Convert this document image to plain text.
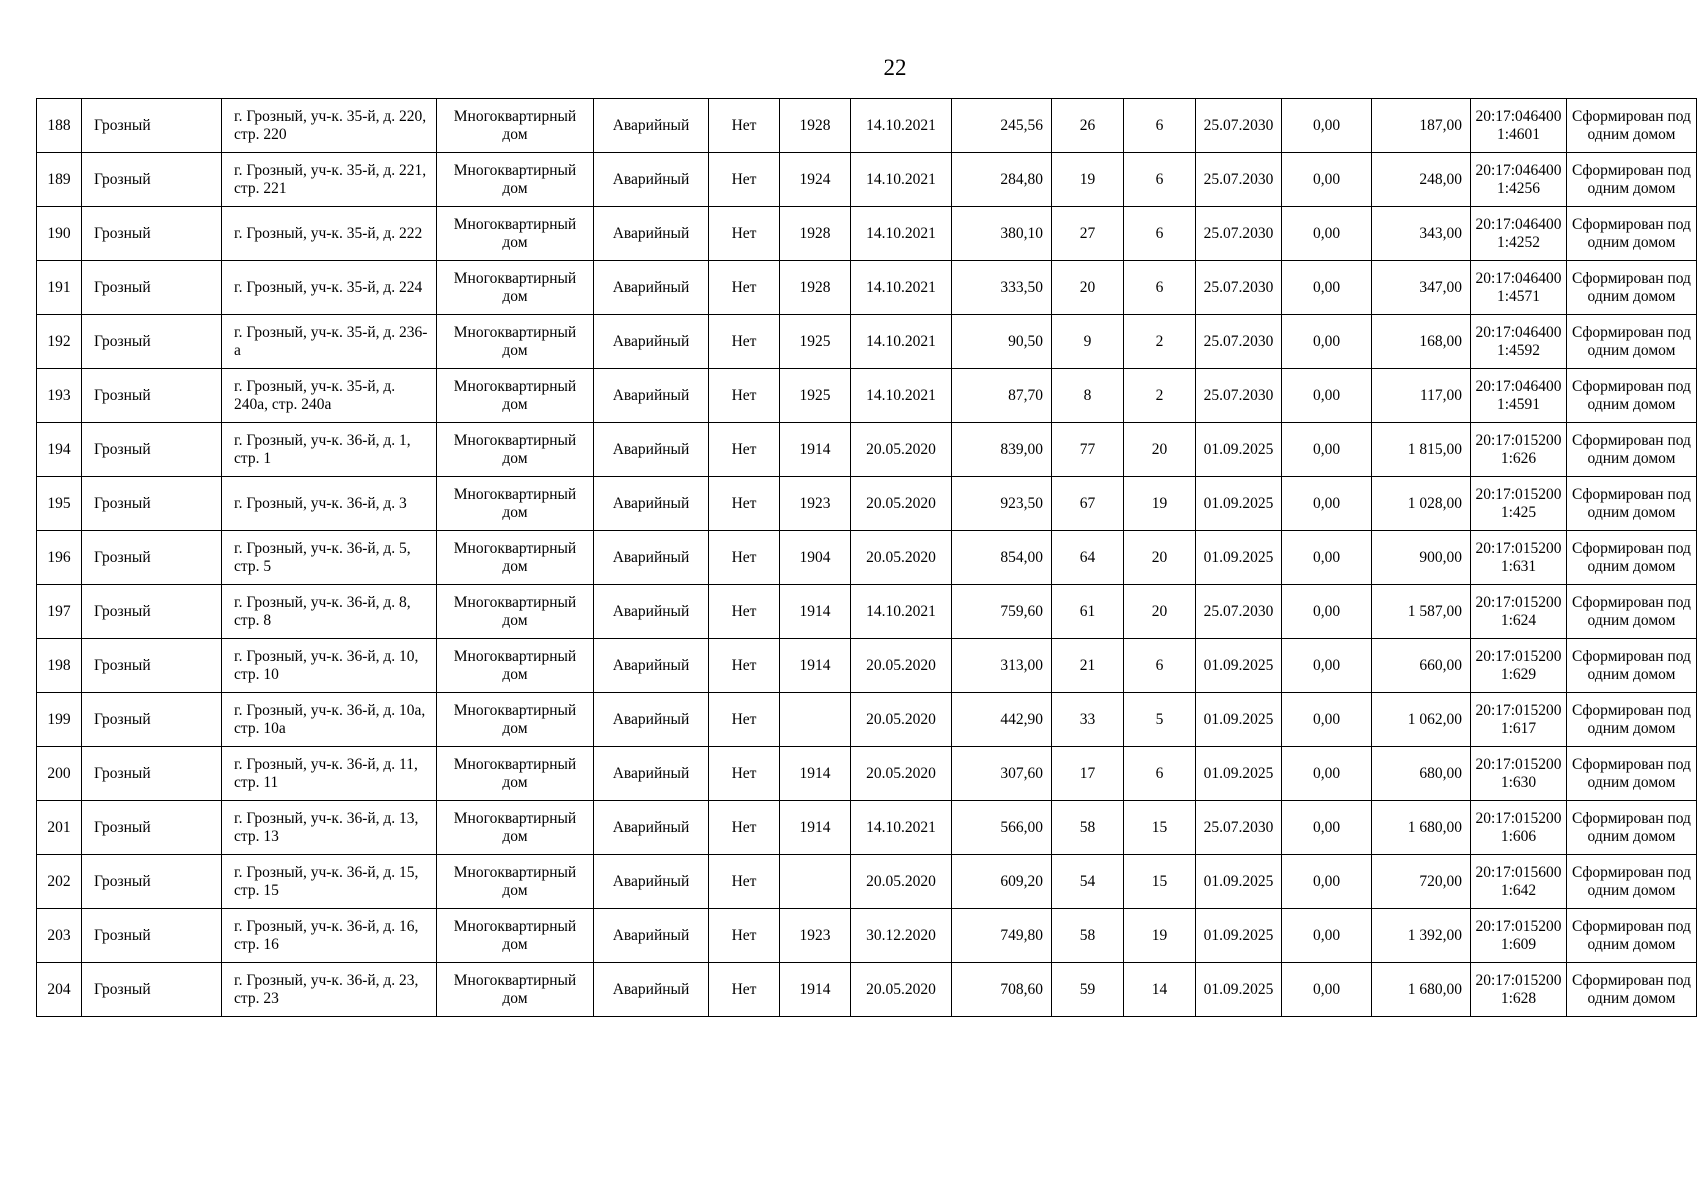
22
188	Грозный	г. Грозный, уч-к. 35-й, д. 220, стр. 220	Многоквартирный дом	Аварийный	Нет	1928	14.10.2021	245,56	26	6	25.07.2030	0,00	187,00	20:17:0464001:4601	Сформирован под одним домом
189	Грозный	г. Грозный, уч-к. 35-й, д. 221, стр. 221	Многоквартирный дом	Аварийный	Нет	1924	14.10.2021	284,80	19	6	25.07.2030	0,00	248,00	20:17:0464001:4256	Сформирован под одним домом
190	Грозный	г. Грозный, уч-к. 35-й, д. 222	Многоквартирный дом	Аварийный	Нет	1928	14.10.2021	380,10	27	6	25.07.2030	0,00	343,00	20:17:0464001:4252	Сформирован под одним домом
191	Грозный	г. Грозный, уч-к. 35-й, д. 224	Многоквартирный дом	Аварийный	Нет	1928	14.10.2021	333,50	20	6	25.07.2030	0,00	347,00	20:17:0464001:4571	Сформирован под одним домом
192	Грозный	г. Грозный, уч-к. 35-й, д. 236-а	Многоквартирный дом	Аварийный	Нет	1925	14.10.2021	90,50	9	2	25.07.2030	0,00	168,00	20:17:0464001:4592	Сформирован под одним домом
193	Грозный	г. Грозный, уч-к. 35-й, д. 240а, стр. 240а	Многоквартирный дом	Аварийный	Нет	1925	14.10.2021	87,70	8	2	25.07.2030	0,00	117,00	20:17:0464001:4591	Сформирован под одним домом
194	Грозный	г. Грозный, уч-к. 36-й, д. 1, стр. 1	Многоквартирный дом	Аварийный	Нет	1914	20.05.2020	839,00	77	20	01.09.2025	0,00	1 815,00	20:17:0152001:626	Сформирован под одним домом
195	Грозный	г. Грозный, уч-к. 36-й, д. 3	Многоквартирный дом	Аварийный	Нет	1923	20.05.2020	923,50	67	19	01.09.2025	0,00	1 028,00	20:17:0152001:425	Сформирован под одним домом
196	Грозный	г. Грозный, уч-к. 36-й, д. 5, стр. 5	Многоквартирный дом	Аварийный	Нет	1904	20.05.2020	854,00	64	20	01.09.2025	0,00	900,00	20:17:0152001:631	Сформирован под одним домом
197	Грозный	г. Грозный, уч-к. 36-й, д. 8, стр. 8	Многоквартирный дом	Аварийный	Нет	1914	14.10.2021	759,60	61	20	25.07.2030	0,00	1 587,00	20:17:0152001:624	Сформирован под одним домом
198	Грозный	г. Грозный, уч-к. 36-й, д. 10, стр. 10	Многоквартирный дом	Аварийный	Нет	1914	20.05.2020	313,00	21	6	01.09.2025	0,00	660,00	20:17:0152001:629	Сформирован под одним домом
199	Грозный	г. Грозный, уч-к. 36-й, д. 10а, стр. 10а	Многоквартирный дом	Аварийный	Нет		20.05.2020	442,90	33	5	01.09.2025	0,00	1 062,00	20:17:0152001:617	Сформирован под одним домом
200	Грозный	г. Грозный, уч-к. 36-й, д. 11, стр. 11	Многоквартирный дом	Аварийный	Нет	1914	20.05.2020	307,60	17	6	01.09.2025	0,00	680,00	20:17:0152001:630	Сформирован под одним домом
201	Грозный	г. Грозный, уч-к. 36-й, д. 13, стр. 13	Многоквартирный дом	Аварийный	Нет	1914	14.10.2021	566,00	58	15	25.07.2030	0,00	1 680,00	20:17:0152001:606	Сформирован под одним домом
202	Грозный	г. Грозный, уч-к. 36-й, д. 15, стр. 15	Многоквартирный дом	Аварийный	Нет		20.05.2020	609,20	54	15	01.09.2025	0,00	720,00	20:17:0156001:642	Сформирован под одним домом
203	Грозный	г. Грозный, уч-к. 36-й, д. 16, стр. 16	Многоквартирный дом	Аварийный	Нет	1923	30.12.2020	749,80	58	19	01.09.2025	0,00	1 392,00	20:17:0152001:609	Сформирован под одним домом
204	Грозный	г. Грозный, уч-к. 36-й, д. 23, стр. 23	Многоквартирный дом	Аварийный	Нет	1914	20.05.2020	708,60	59	14	01.09.2025	0,00	1 680,00	20:17:0152001:628	Сформирован под одним домом
